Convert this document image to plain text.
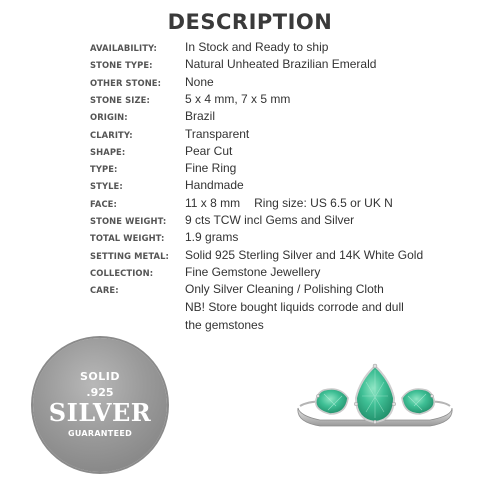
DESCRIPTION
AVAILABILITY: In Stock and Ready to ship
STONE TYPE:	Natural Unheated Brazilian Emerald
OTHER STONE: None
STONE SIZE:	5 x 4 mm, 7 x 5 mm
ORIGIN:	Brazil
CLARITY:	Transparent
SHAPE:	Pear Cut
TYPE:	Fine Ring
STYLE:	Handmade
FACE:	11 x 8 mm Ring size: US 6.5 or UK N
STONE WEIGHT: 9 cts TCW incl Gems and Silver
TOTAL WEIGHT: 1.9 grams
SETTING METAL: Solid 925 Sterling Silver and 14K White Gold
COLLECTION:	Fine Gemstone Jewellery
CARE:	Only Silver Cleaning / Polishing Cloth
NB! Store bought liquids corrode and dull
the gemstones
SOLID
.925
SILVER
GUARANTEED
